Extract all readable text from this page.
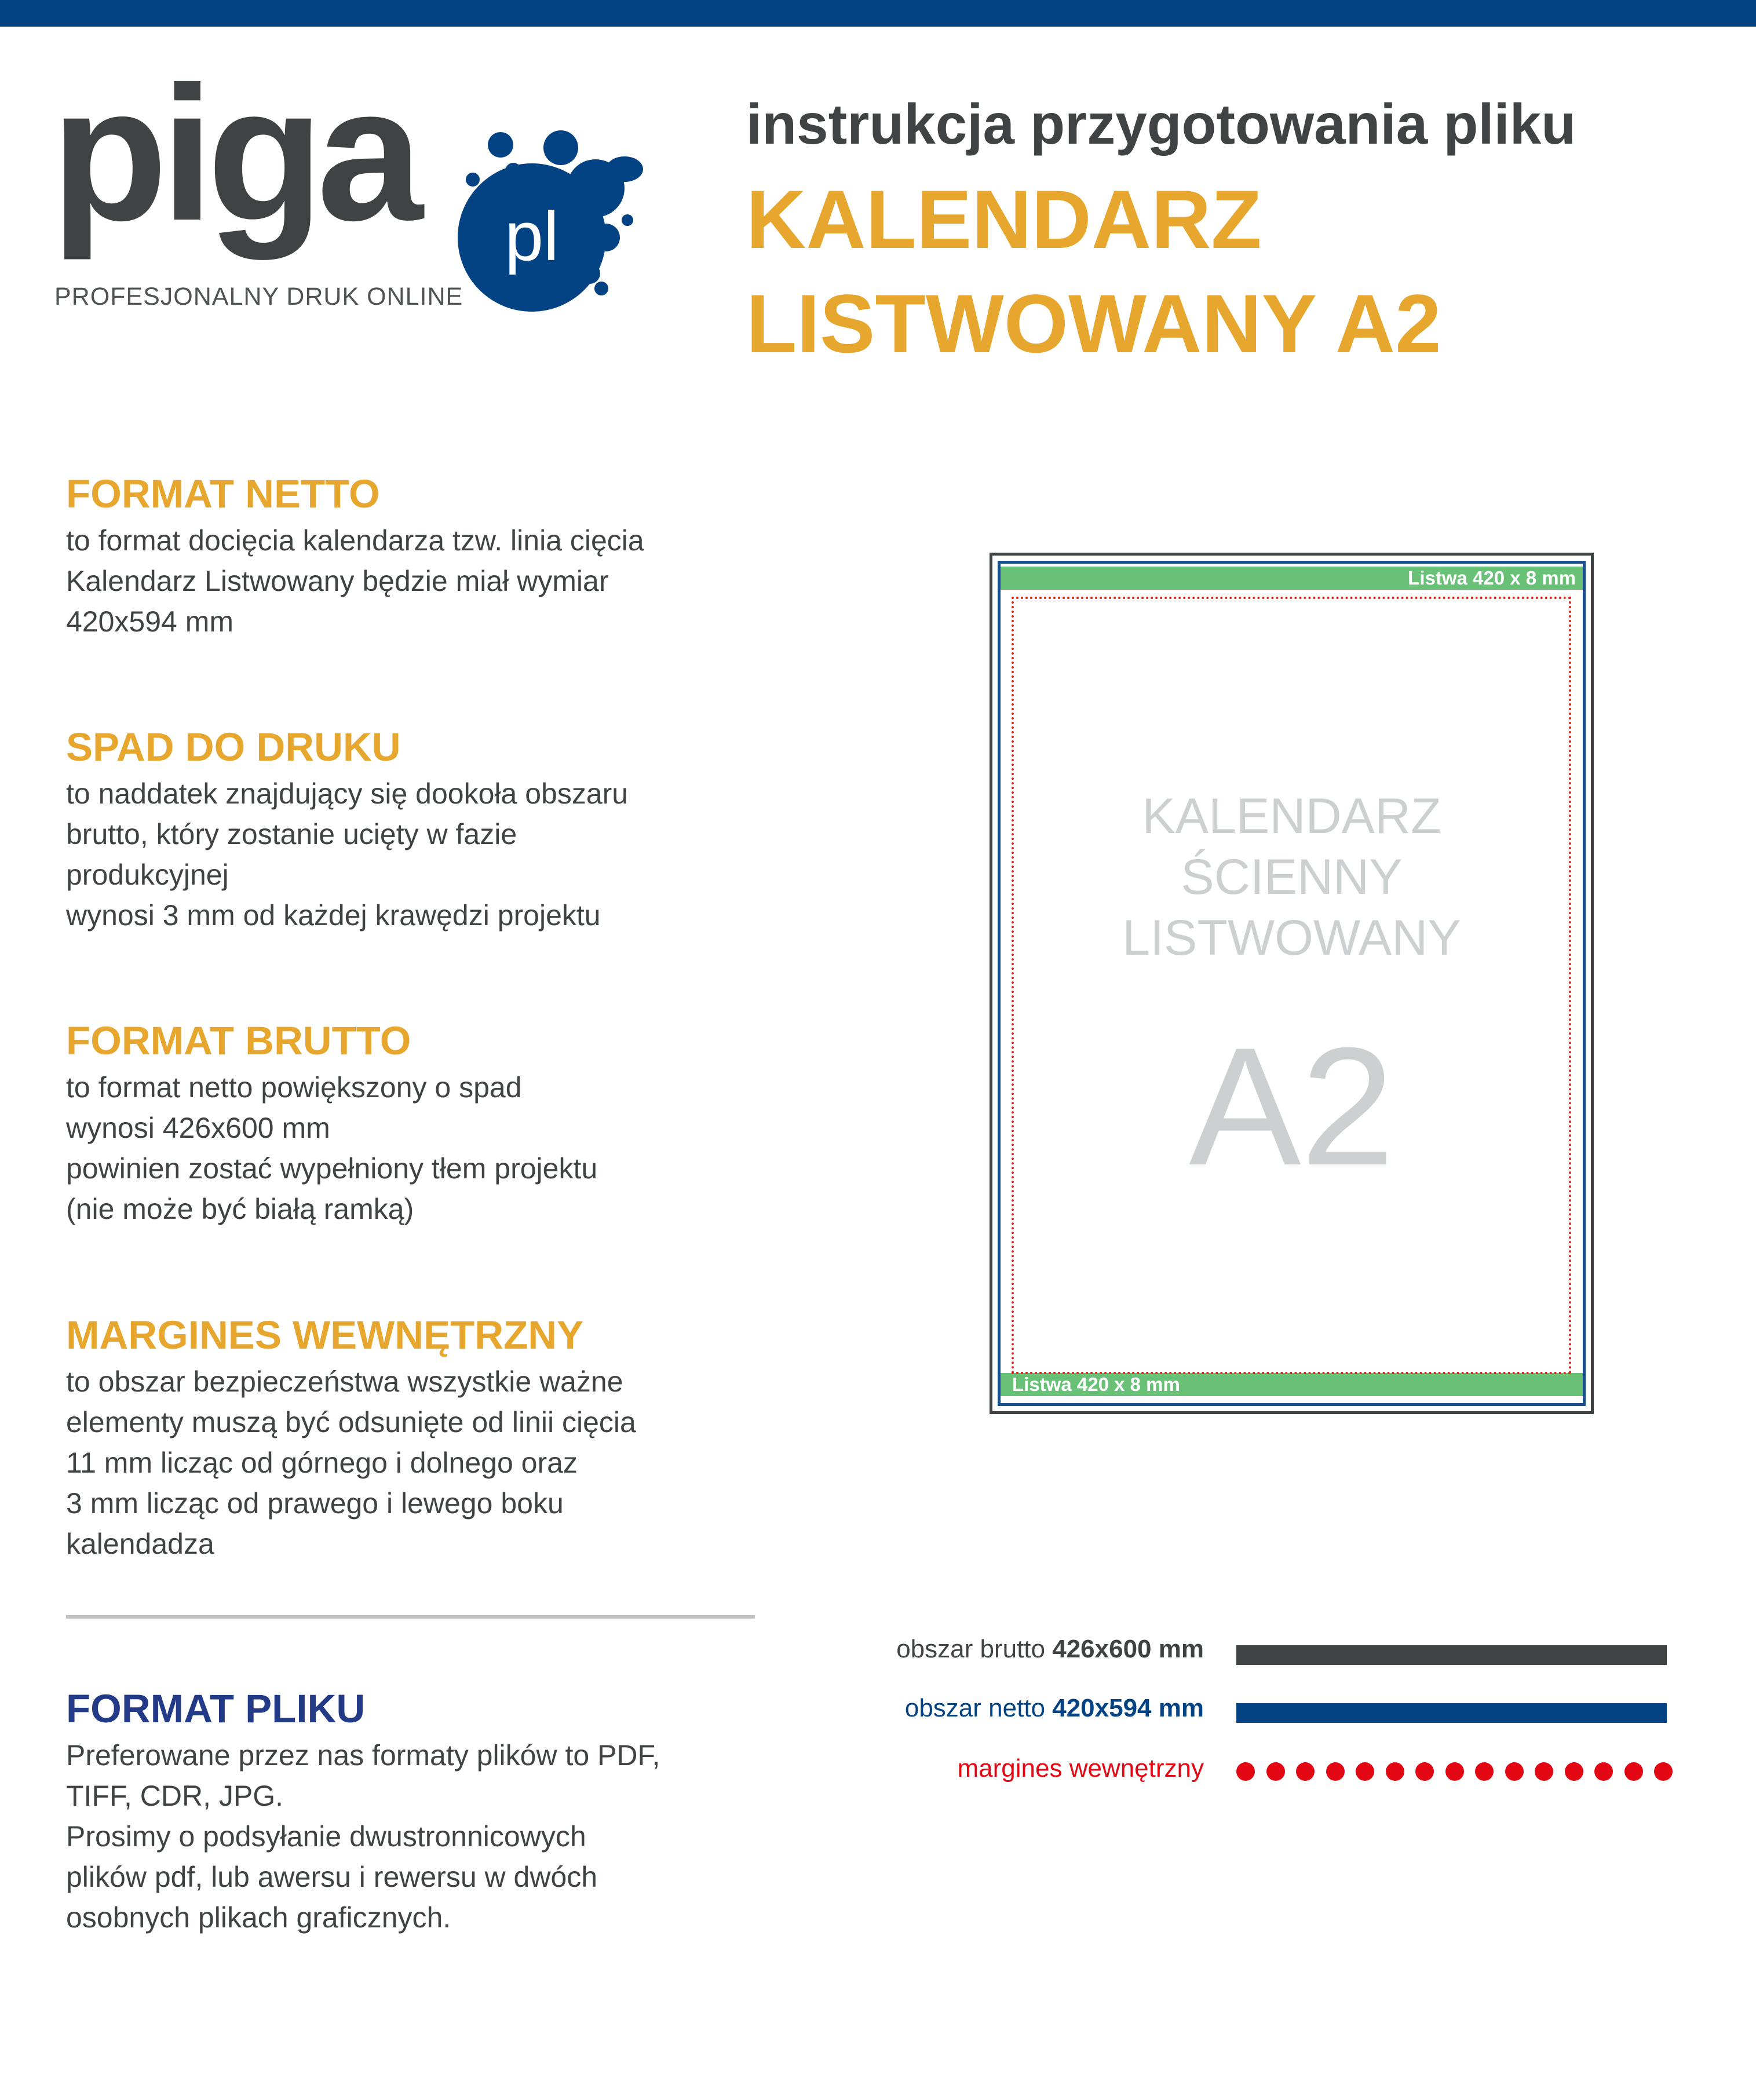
piga pl
PROFESJONALNY DRUK ONLINE
instrukcja przygotowania pliku
KALENDARZ
LISTWOWANY A2
FORMAT NETTO
to format docięcia kalendarza tzw. linia cięcia
Kalendarz Listwowany będzie miał wymiar
420x594 mm
SPAD DO DRUKU
to naddatek znajdujący się dookoła obszaru
brutto, który zostanie ucięty w fazie
produkcyjnej
wynosi 3 mm od każdej krawędzi projektu
FORMAT BRUTTO
to format netto powiększony o spad
wynosi 426x600 mm
powinien zostać wypełniony tłem projektu
(nie może być białą ramką)
MARGINES WEWNĘTRZNY
to obszar bezpieczeństwa wszystkie ważne
elementy muszą być odsunięte od linii cięcia
11 mm licząc od górnego i dolnego oraz
3 mm licząc od prawego i lewego boku
kalendadza
FORMAT PLIKU
Preferowane przez nas formaty plików to PDF,
TIFF, CDR, JPG.
Prosimy o podsyłanie dwustronnicowych
plików pdf, lub awersu i rewersu w dwóch
osobnych plikach graficznych.
Listwa 420 x 8 mm
Listwa 420 x 8 mm
KALENDARZ
ŚCIENNY
LISTWOWANY
A2
obszar brutto 426x600 mm
obszar netto 420x594 mm
margines wewnętrzny
